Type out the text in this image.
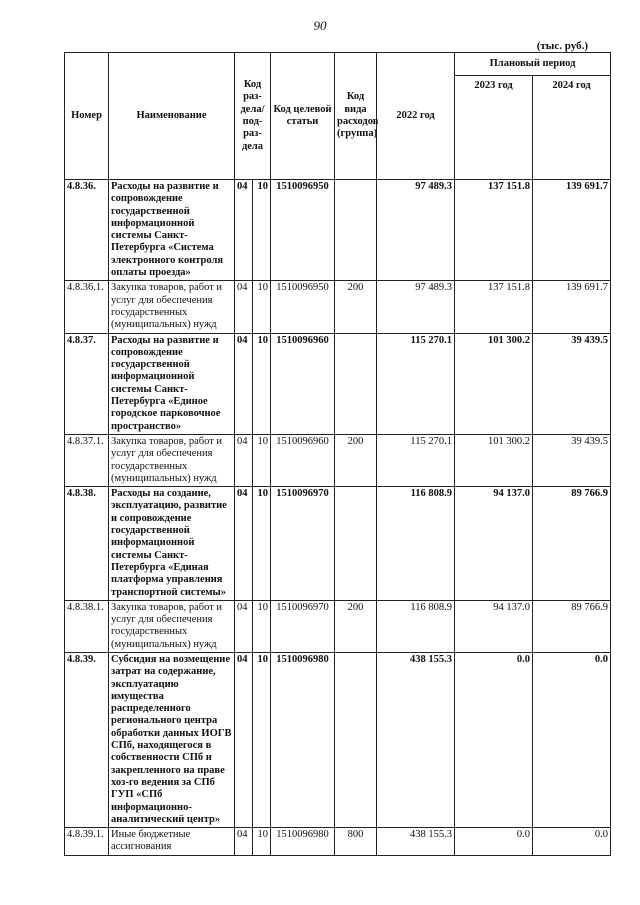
90
(тыс. руб.)
Номер	Наименование	Код раз-дела/ под-раз-дела		Код целевой статьи	Код вида расходов (группа)	2022 год	Плановый период	
							2023 год	2024 год
4.8.36.	Расходы на развитие и сопровождение государственной информационной системы Санкт-Петербурга «Система электронного контроля оплаты проезда»	04	10	1510096950		97 489.3	137 151.8	139 691.7
4.8.36.1.	Закупка товаров, работ и услуг для обеспечения государственных (муниципальных) нужд	04	10	1510096950	200	97 489.3	137 151.8	139 691.7
4.8.37.	Расходы на развитие и сопровождение государственной информационной системы Санкт-Петербурга «Единое городское парковочное пространство»	04	10	1510096960		115 270.1	101 300.2	39 439.5
4.8.37.1.	Закупка товаров, работ и услуг для обеспечения государственных (муниципальных) нужд	04	10	1510096960	200	115 270.1	101 300.2	39 439.5
4.8.38.	Расходы на создание, эксплуатацию, развитие и сопровождение государственной информационной системы Санкт-Петербурга «Единая платформа управления транспортной системы»	04	10	1510096970		116 808.9	94 137.0	89 766.9
4.8.38.1.	Закупка товаров, работ и услуг для обеспечения государственных (муниципальных) нужд	04	10	1510096970	200	116 808.9	94 137.0	89 766.9
4.8.39.	Субсидия на возмещение затрат на содержание, эксплуатацию имущества распределенного регионального центра обработки данных ИОГВ СПб, находящегося в собственности СПб и закрепленного на праве хоз-го ведения за СПб ГУП «СПб информационно-аналитический центр»	04	10	1510096980		438 155.3	0.0	0.0
4.8.39.1.	Иные бюджетные ассигнования	04	10	1510096980	800	438 155.3	0.0	0.0
